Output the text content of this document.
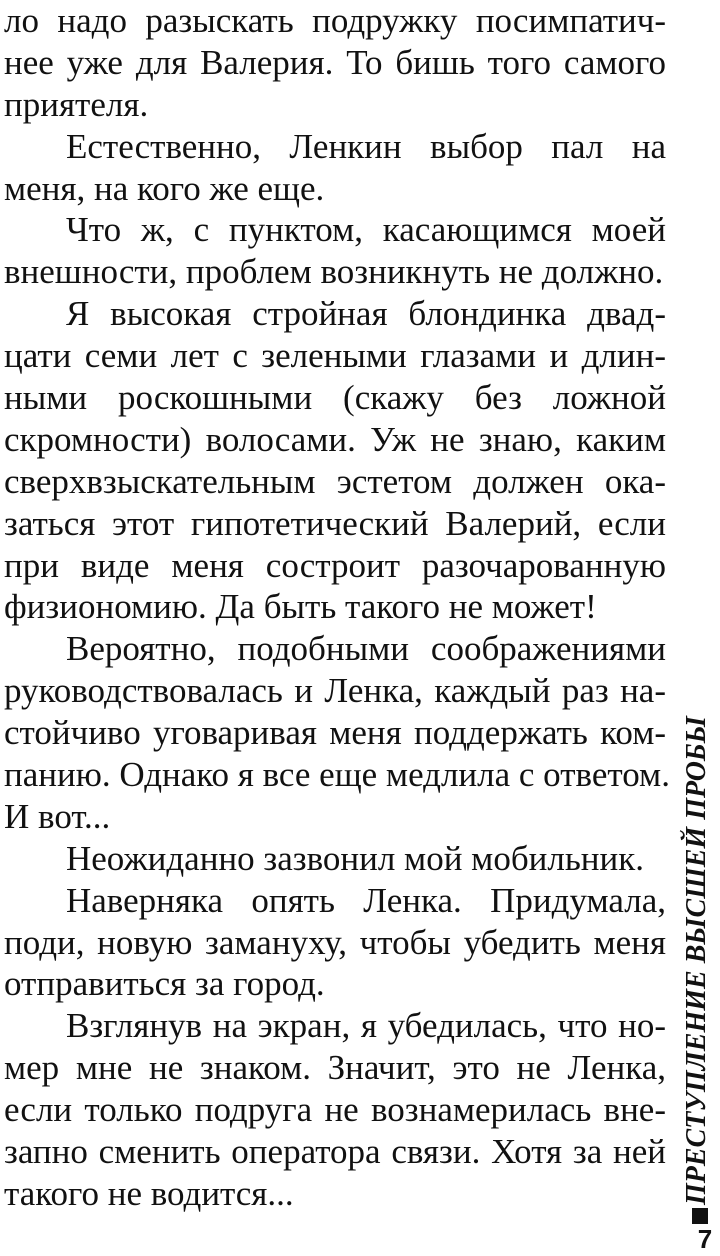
ло надо разыскать подружку посимпатич-
нее уже для Валерия. То бишь того самого
приятеля.
Естественно, Ленкин выбор пал на
меня, на кого же еще.
Что ж, с пунктом, касающимся моей
внешности, проблем возникнуть не должно.
Я высокая стройная блондинка двад-
цати семи лет с зелеными глазами и длин-
ными роскошными (скажу без ложной
скромности) волосами. Уж не знаю, каким
сверхвзыскательным эстетом должен ока-
заться этот гипотетический Валерий, если
при виде меня состроит разочарованную
физиономию. Да быть такого не может!
Вероятно, подобными соображениями
руководствовалась и Ленка, каждый раз на-
стойчиво уговаривая меня поддержать ком-
панию. Однако я все еще медлила с ответом.
И вот...
Неожиданно зазвонил мой мобильник.
Наверняка опять Ленка. Придумала,
поди, новую замануху, чтобы убедить меня
отправиться за город.
Взглянув на экран, я убедилась, что но-
мер мне не знаком. Значит, это не Ленка,
если только подруга не вознамерилась вне-
запно сменить оператора связи. Хотя за ней
такого не водится...	ПРЕСТУПЛЕНИЕ ВЫСШЕЙ ПРОБЫ
7
